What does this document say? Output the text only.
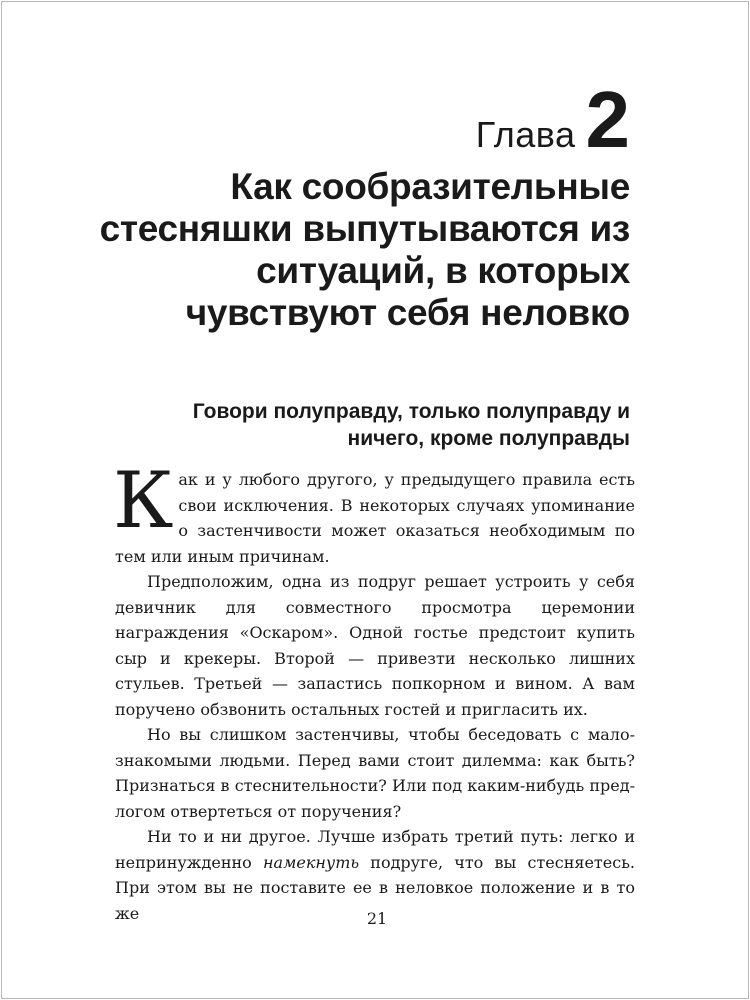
Глава 2
Как сообразительные стесняшки выпутываются из ситуаций, в которых чувствуют себя неловко
Говори полуправду, только полуправду и ничего, кроме полуправды

Как и у любого другого, у предыдущего правила есть свои исключения. В некоторых случаях упоминание о застенчивости может оказаться необходимым по тем или иным причинам.

Предположим, одна из подруг решает устроить у себя девичник для совместного просмотра церемонии награждения «Оскаром». Одной гостье предстоит купить сыр и крекеры. Второй — привезти несколько лишних стульев. Третьей — запастись попкорном и вином. А вам поручено обзвонить остальных гостей и пригласить их.

Но вы слишком застенчивы, чтобы беседовать с малознакомыми людьми. Перед вами стоит дилемма: как быть? Признаться в стеснительности? Или под каким-нибудь предлогом отвертеться от поручения?

Ни то и ни другое. Лучше избрать третий путь: легко и непринужденно намекнуть подруге, что вы стесняетесь. При этом вы не поставите ее в неловкое положение и в то же	21
